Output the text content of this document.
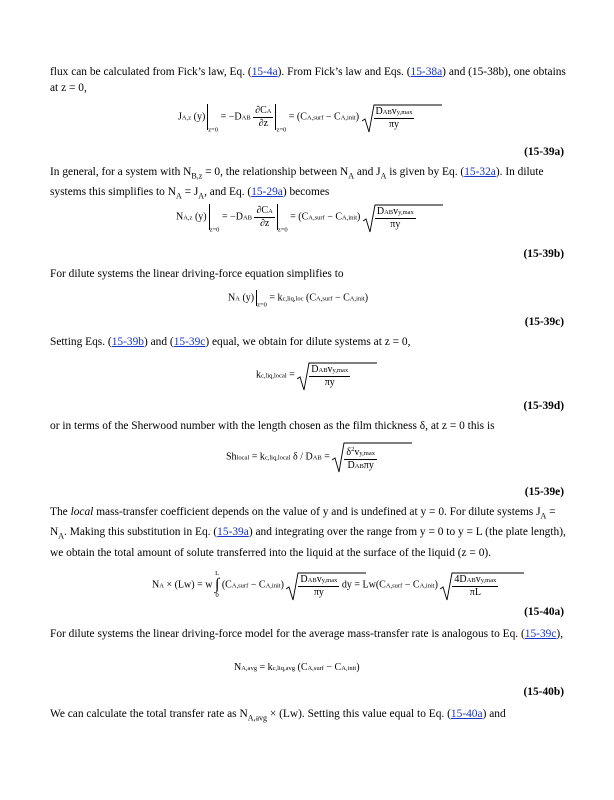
flux can be calculated from Fick’s law, Eq. (15-4a). From Fick’s law and Eqs. (15-38a) and (15-38b), one obtains at z = 0,

JA,z $(y)_{z=0} = -DAB \frac{\partial CA}{\partial z}$
$_{z=0}$ = (CA,surf − CA,init) $\frac{\text{DABvy,max}}{\pi y}$
(15-39a)

In general, for a system with $N_{B,z} = 0$, the relationship between $N_A$ and $J_A$ is given by Eq. (15-32a). In dilute systems this simplifies to $N_A = J_A$, and Eq. (15-29a) becomes

NA,z $(y)_{z=0} = -DAB \frac{\partial CA}{\partial z}$
$_{z=0}$ = (CA,surf − CA,init) $\frac{\text{DABvy,max}}{\pi y}$
(15-39b)

For dilute systems the linear driving-force equation simplifies to

NA $(y)_{z=0} = kc,liq,loc$ (CA,surf − CA,init)
(15-39c)

Setting Eqs. (15-39b) and (15-39c) equal, we obtain for dilute systems at z = 0,

kc,liq,local = $\frac{\text{DABvy,max}}{\pi y}$
(15-39d)

or in terms of the Sherwood number with the length chosen as the film thickness δ, at z = 0 this is

Shlocal = kc,liq,local δ / DAB = $\frac{\delta^2vy,\max}{\text{DABπy}}$
(15-39e)

The local mass-transfer coefficient depends on the value of y and is undefined at y = 0. For dilute systems $J_A = N_A$. Making this substitution in Eq. (15-39a) and integrating over the range from y = 0 to y = L (the plate length), we obtain the total amount of solute transferred into the liquid at the surface of the liquid (z = 0).

NA × (Lw) = w
L
∫
0
(CA,surf − CA,init) $\frac{\text{DABvy,max}}{\pi y}$ dy = Lw(CA,surf − CA,init) $\frac{\text{4DABvy,max}}{\pi L}$
(15-40a)

For dilute systems the linear driving-force model for the average mass-transfer rate is analogous to Eq. (15-39c),

NA,avg = kc,liq,avg (CA,surf − CA,init)
(15-40b)

We can calculate the total transfer rate as $N_{A,avg} \times (Lw)$. Setting this value equal to Eq. (15-40a) and
